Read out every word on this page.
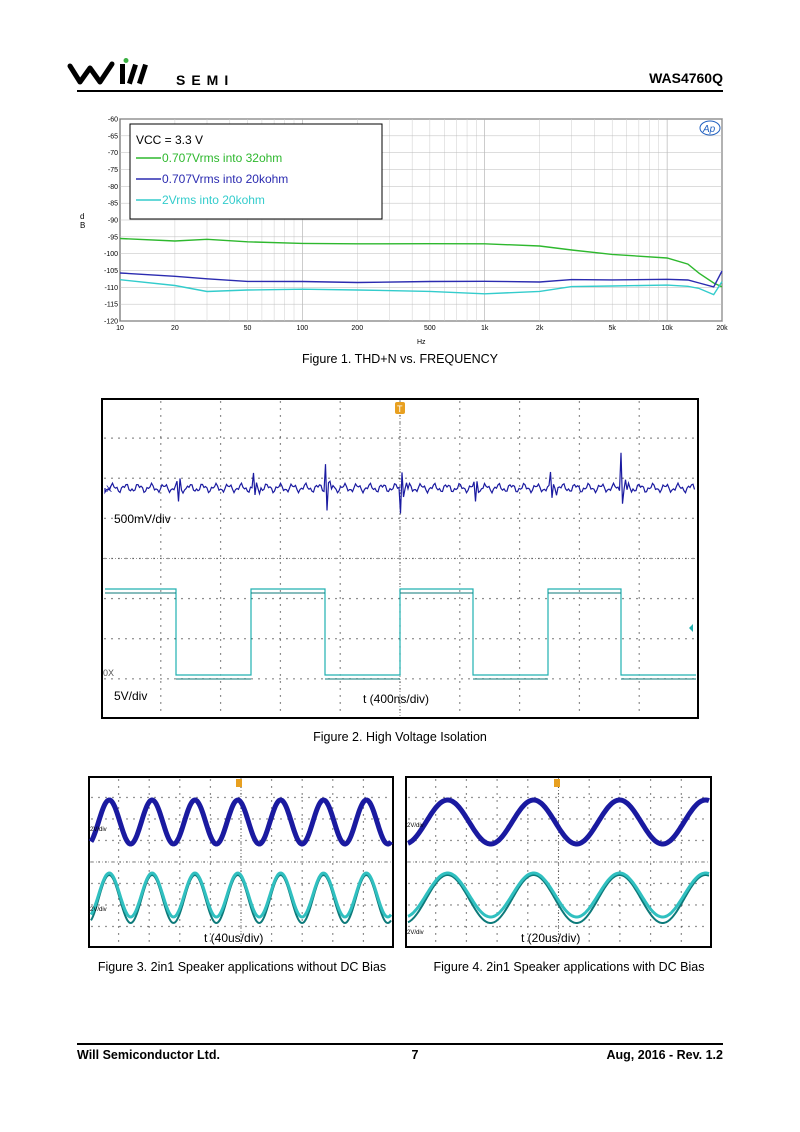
SEMI	WAS4760Q
-60
-65
-70
-75
-80
-85
-90
-95
-100
-105
-110
-115
-120
10	20	50	100	200	500	1k	2k	5k	10k	20k
VCC = 3.3 V
0.707Vrms into 32ohm
0.707Vrms into 20kohm
2Vrms into 20kohm
d
B
Hz
Ap
Figure 1. THD+N vs. FREQUENCY
T
X
0X
500mV/div
5V/div	t (400ns/div)
Figure 2. High Voltage Isolation
2V/div
2V/div
t (40us/div)
Figure 3. 2in1 Speaker applications without DC Bias
2V/div
2V/div	t (20us/div)
Figure 4. 2in1 Speaker applications with DC Bias
Will Semiconductor Ltd.	7	Aug, 2016 - Rev. 1.2
